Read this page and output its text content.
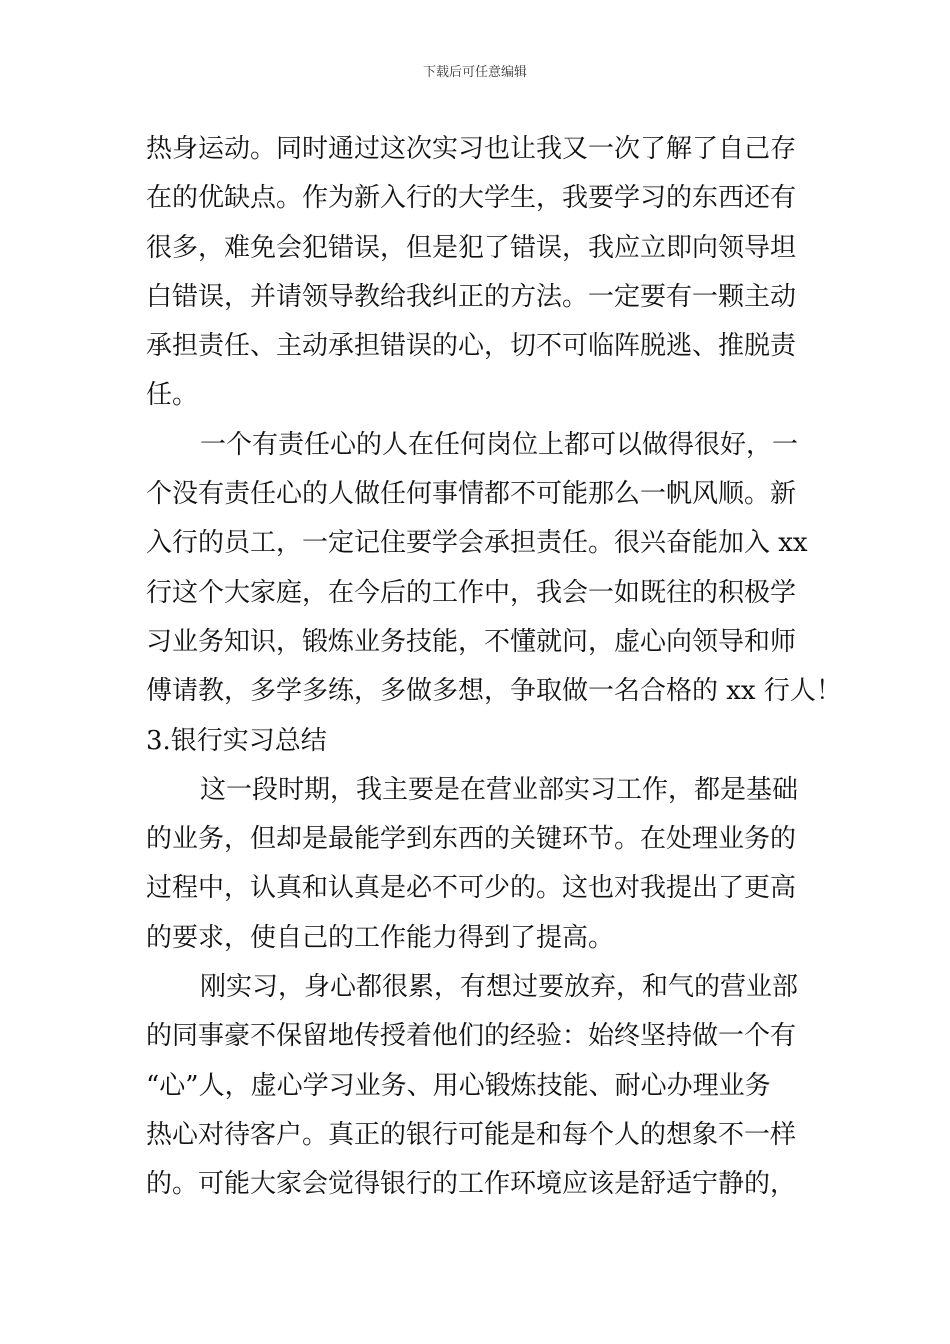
下载后可任意编辑
热身运动。同时通过这次实习也让我又一次了解了自己存
在的优缺点。作为新入行的大学生，我要学习的东西还有
很多，难免会犯错误，但是犯了错误，我应立即向领导坦
白错误，并请领导教给我纠正的方法。一定要有一颗主动
承担责任、主动承担错误的心，切不可临阵脱逃、推脱责
任。
一个有责任心的人在任何岗位上都可以做得很好，一
个没有责任心的人做任何事情都不可能那么一帆风顺。新
入行的员工，一定记住要学会承担责任。很兴奋能加入 xx
行这个大家庭，在今后的工作中，我会一如既往的积极学
习业务知识，锻炼业务技能，不懂就问，虚心向领导和师
傅请教，多学多练，多做多想，争取做一名合格的 xx 行人！
3.银行实习总结
这一段时期，我主要是在营业部实习工作，都是基础
的业务，但却是最能学到东西的关键环节。在处理业务的
过程中，认真和认真是必不可少的。这也对我提出了更高
的要求，使自己的工作能力得到了提高。
刚实习，身心都很累，有想过要放弃，和气的营业部
的同事豪不保留地传授着他们的经验：始终坚持做一个有
“心”人，虚心学习业务、用心锻炼技能、耐心办理业务
热心对待客户。真正的银行可能是和每个人的想象不一样
的。可能大家会觉得银行的工作环境应该是舒适宁静的，
